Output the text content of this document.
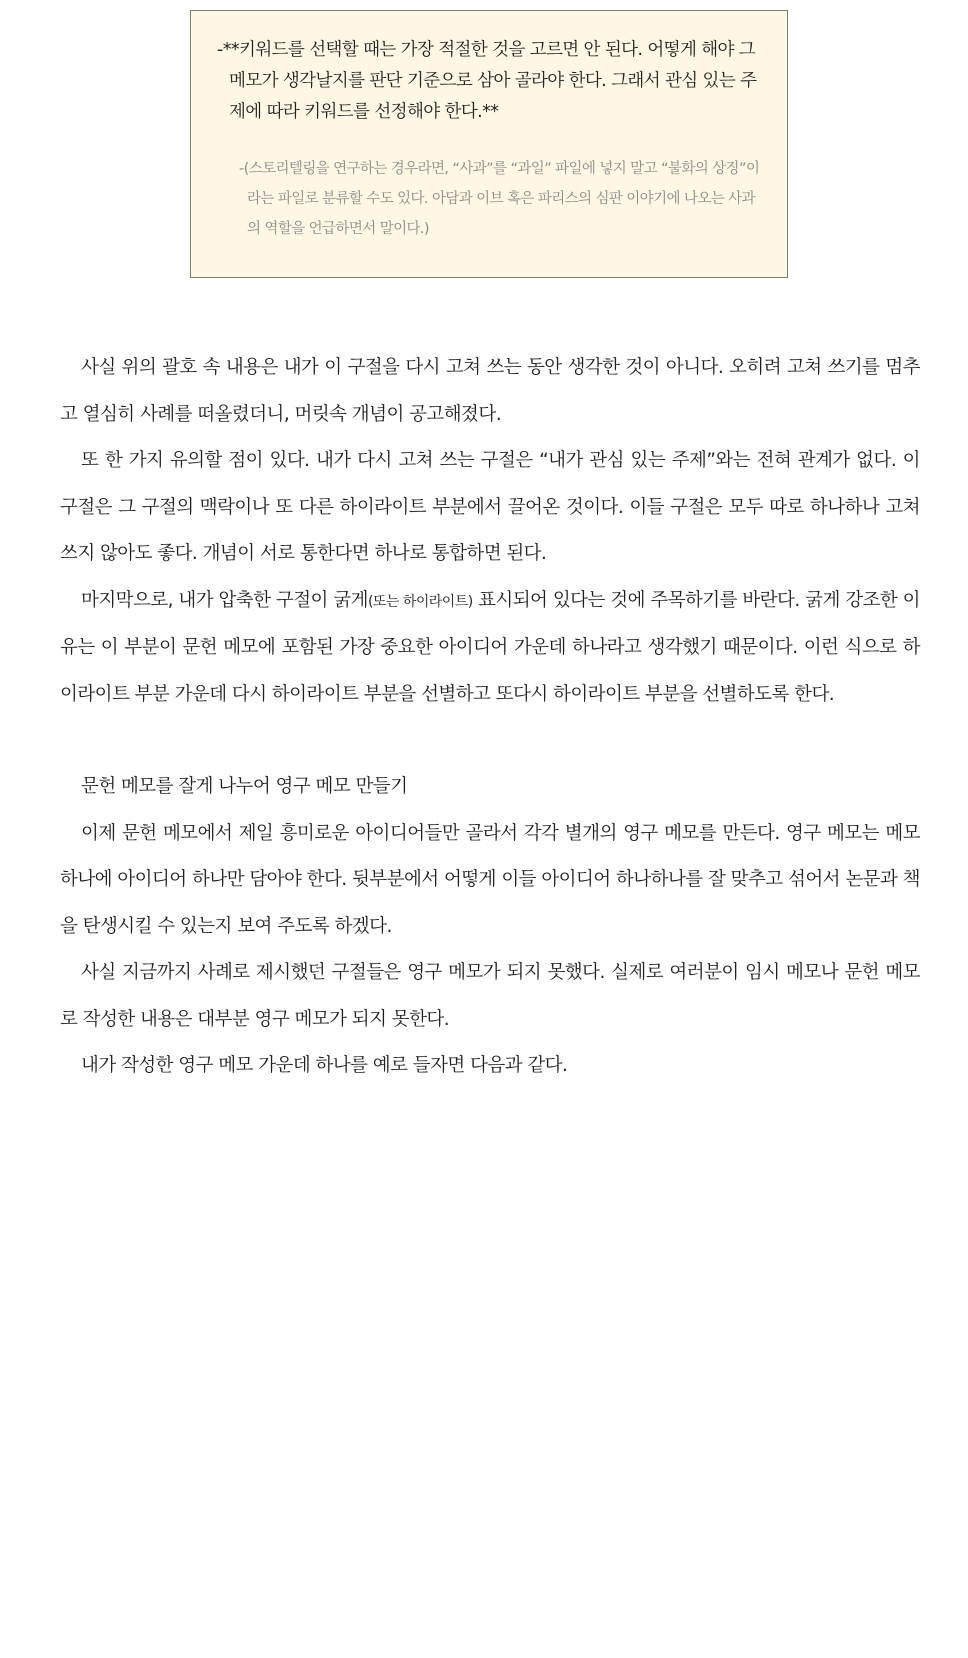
-**키워드를 선택할 때는 가장 적절한 것을 고르면 안 된다. 어떻게 해야 그 메모가 생각날지를 판단 기준으로 삼아 골라야 한다. 그래서 관심 있는 주제에 따라 키워드를 선정해야 한다.**

-(스토리텔링을 연구하는 경우라면, “사과”를 “과일” 파일에 넣지 말고 “불화의 상징”이라는 파일로 분류할 수도 있다. 아담과 이브 혹은 파리스의 심판 이야기에 나오는 사과의 역할을 언급하면서 말이다.)

사실 위의 괄호 속 내용은 내가 이 구절을 다시 고쳐 쓰는 동안 생각한 것이 아니다. 오히려 고쳐 쓰기를 멈추고 열심히 사례를 떠올렸더니, 머릿속 개념이 공고해졌다.

또 한 가지 유의할 점이 있다. 내가 다시 고쳐 쓰는 구절은 “내가 관심 있는 주제”와는 전혀 관계가 없다. 이 구절은 그 구절의 맥락이나 또 다른 하이라이트 부분에서 끌어온 것이다. 이들 구절은 모두 따로 하나하나 고쳐 쓰지 않아도 좋다. 개념이 서로 통한다면 하나로 통합하면 된다.

마지막으로, 내가 압축한 구절이 굵게(또는 하이라이트) 표시되어 있다는 것에 주목하기를 바란다. 굵게 강조한 이유는 이 부분이 문헌 메모에 포함된 가장 중요한 아이디어 가운데 하나라고 생각했기 때문이다. 이런 식으로 하이라이트 부분 가운데 다시 하이라이트 부분을 선별하고 또다시 하이라이트 부분을 선별하도록 한다.

문헌 메모를 잘게 나누어 영구 메모 만들기

이제 문헌 메모에서 제일 흥미로운 아이디어들만 골라서 각각 별개의 영구 메모를 만든다. 영구 메모는 메모 하나에 아이디어 하나만 담아야 한다. 뒷부분에서 어떻게 이들 아이디어 하나하나를 잘 맞추고 섞어서 논문과 책을 탄생시킬 수 있는지 보여 주도록 하겠다.

사실 지금까지 사례로 제시했던 구절들은 영구 메모가 되지 못했다. 실제로 여러분이 임시 메모나 문헌 메모로 작성한 내용은 대부분 영구 메모가 되지 못한다.

내가 작성한 영구 메모 가운데 하나를 예로 들자면 다음과 같다.
